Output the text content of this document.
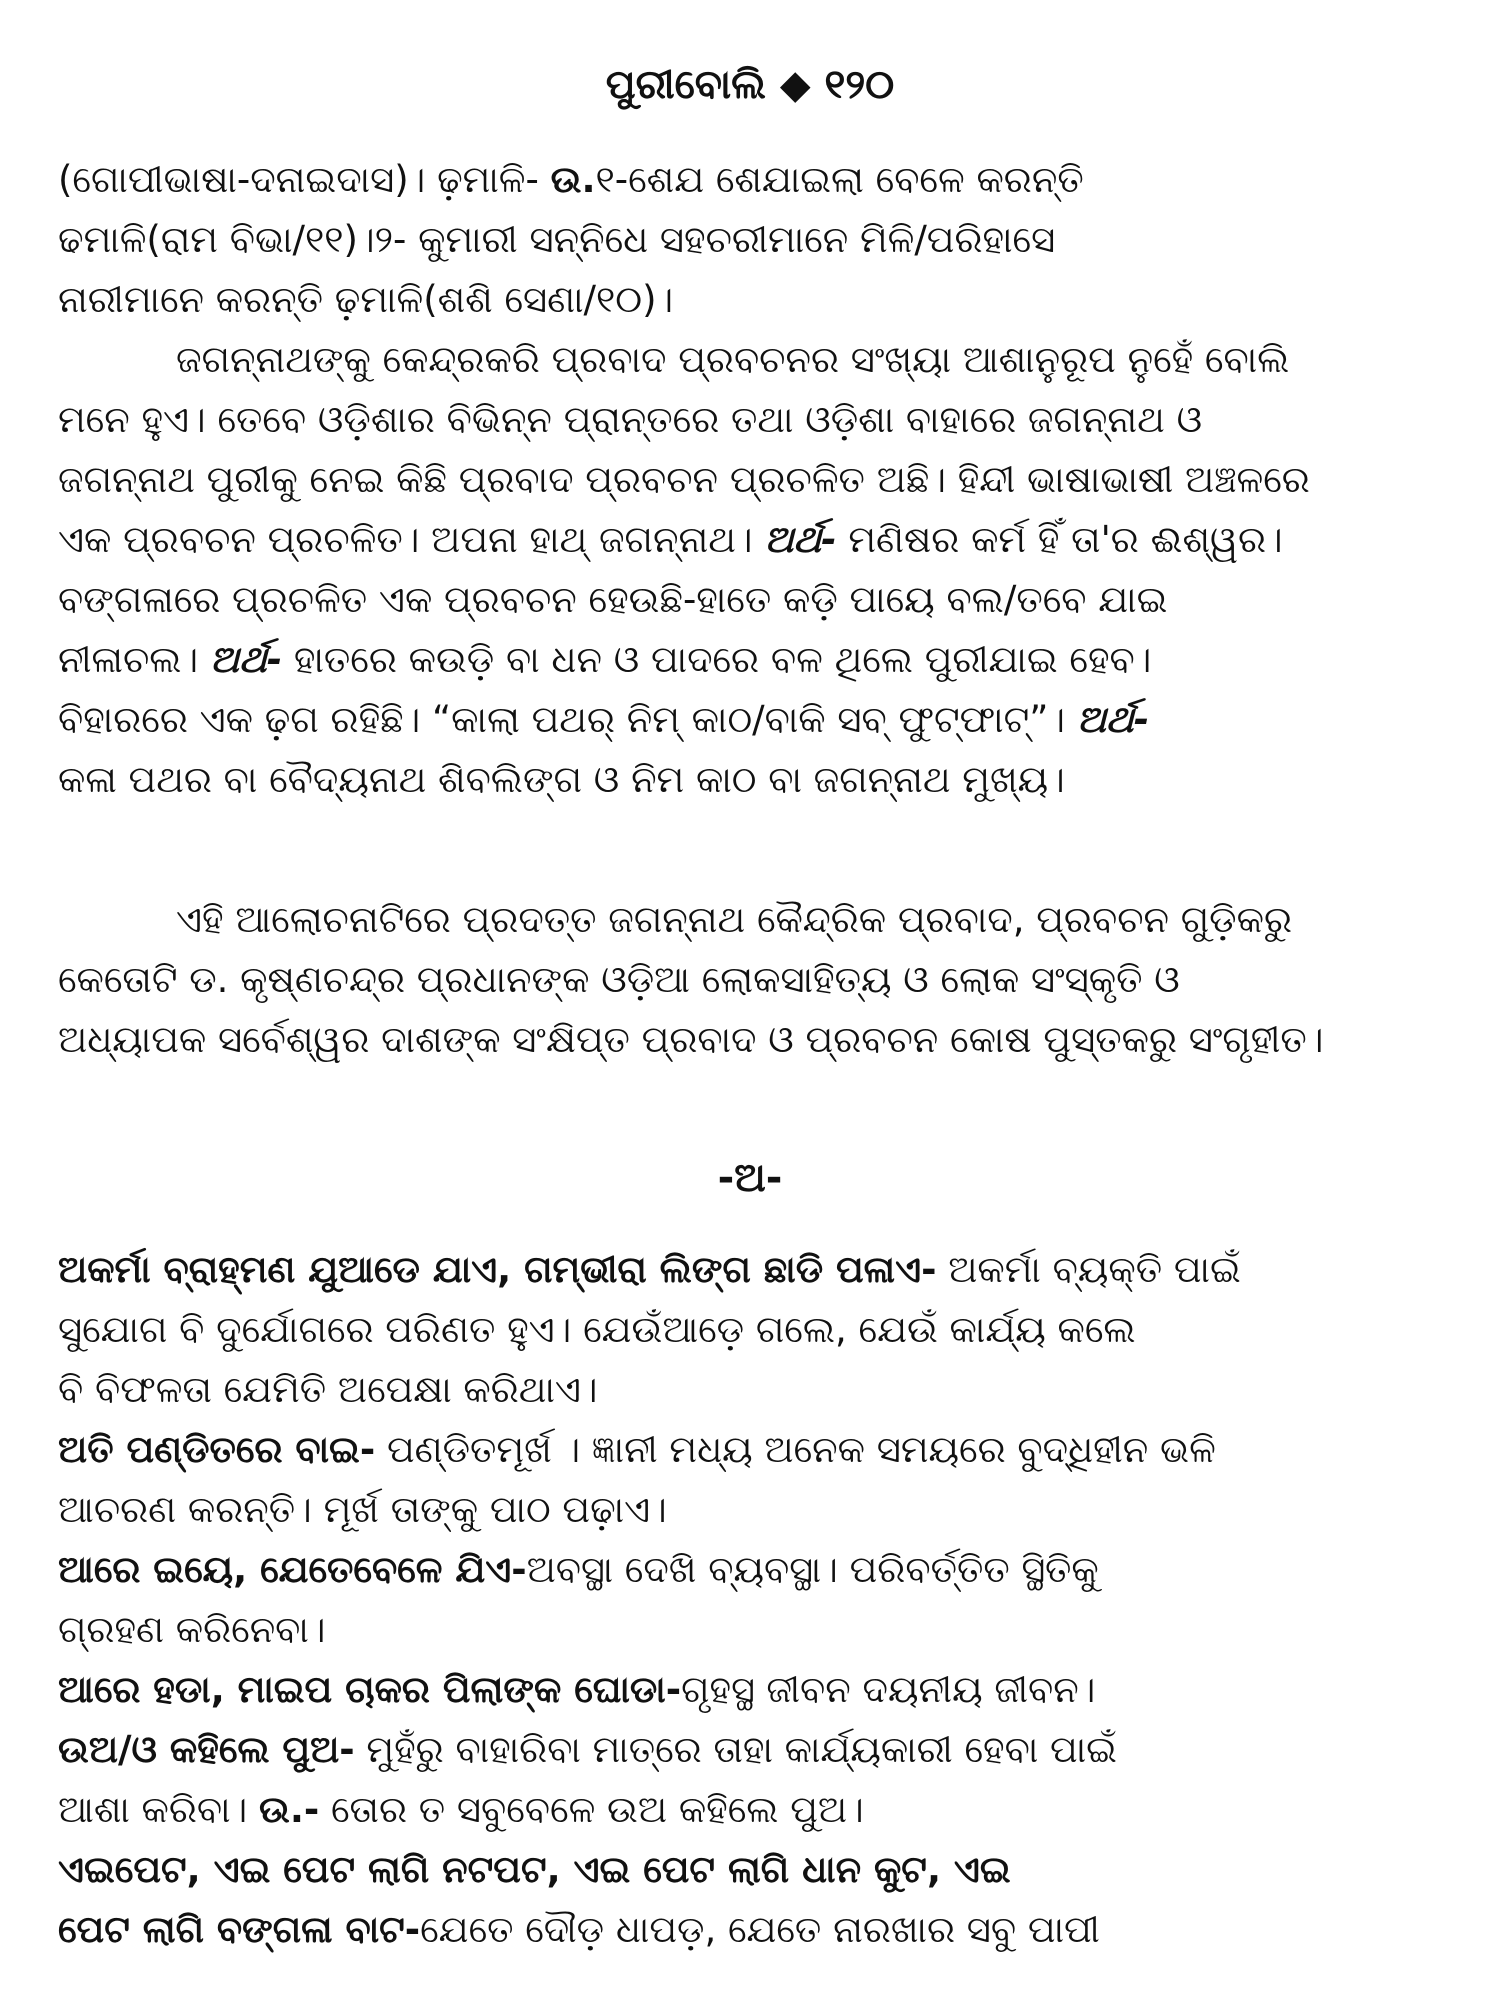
ପୁରୀବୋଲି ◆ ୧୨୦
(ଗୋପୀଭାଷା-ଦନାଇଦାସ)। ଢ଼ମାଳି- ଉ.୧-ଶେଯ ଶେଯାଇଲା ବେଳେ କରନ୍ତି
ଢମାଳି(ରାମ ବିଭା/୧୧)।୨- କୁମାରୀ ସନ୍ନିଧେ ସହଚରୀମାନେ ମିଳି/ପରିହାସେ
ନାରୀମାନେ କରନ୍ତି ଢ଼ମାଳି(ଶଶି ସେଣା/୧୦)।
ଜଗନ୍ନାଥଙ୍କୁ କେନ୍ଦ୍ରକରି ପ୍ରବାଦ ପ୍ରବଚନର ସଂଖ୍ୟା ଆଶାନୁରୂପ ନୁହେଁ ବୋଲି
ମନେ ହୁଏ। ତେବେ ଓଡ଼ିଶାର ବିଭିନ୍ନ ପ୍ରାନ୍ତରେ ତଥା ଓଡ଼ିଶା ବାହାରେ ଜଗନ୍ନାଥ ଓ
ଜଗନ୍ନାଥ ପୁରୀକୁ ନେଇ କିଛି ପ୍ରବାଦ ପ୍ରବଚନ ପ୍ରଚଳିତ ଅଛି। ହିନ୍ଦୀ ଭାଷାଭାଷୀ ଅଞ୍ଚଳରେ
ଏକ ପ୍ରବଚନ ପ୍ରଚଳିତ। ଅପନା ହାଥ୍ ଜଗନ୍ନାଥ। ଅର୍ଥ- ମଣିଷର କର୍ମ ହିଁ ତା'ର ଈଶ୍ୱର।
ବଙ୍ଗଳାରେ ପ୍ରଚଳିତ ଏକ ପ୍ରବଚନ ହେଉଛି-ହାତେ କଡ଼ି ପାୟେ ବଲ/ତବେ ଯାଇ
ନୀଳାଚଲ। ଅର୍ଥ- ହାତରେ କଉଡ଼ି ବା ଧନ ଓ ପାଦରେ ବଳ ଥିଲେ ପୁରୀଯାଇ ହେବ।
ବିହାରରେ ଏକ ଢ଼ଗ ରହିଛି। “କାଲା ପଥର୍ ନିମ୍ କାଠ/ବାକି ସବ୍ ଫୁଟ୍‌ଫାଟ୍”। ଅର୍ଥ-
କଳା ପଥର ବା ବୈଦ୍ୟନାଥ ଶିବଲିଙ୍ଗ ଓ ନିମ କାଠ ବା ଜଗନ୍ନାଥ ମୁଖ୍ୟ।
ଏହି ଆଲୋଚନାଟିରେ ପ୍ରଦତ୍ତ ଜଗନ୍ନାଥ କୈନ୍ଦ୍ରିକ ପ୍ରବାଦ, ପ୍ରବଚନ ଗୁଡ଼ିକରୁ
କେତୋଟି ଡ. କୃଷ୍ଣଚନ୍ଦ୍ର ପ୍ରଧାନଙ୍କ ଓଡ଼ିଆ ଲୋକସାହିତ୍ୟ ଓ ଲୋକ ସଂସ୍କୃତି ଓ
ଅଧ୍ୟାପକ ସର୍ବେଶ୍ୱର ଦାଶଙ୍କ ସଂକ୍ଷିପ୍ତ ପ୍ରବାଦ ଓ ପ୍ରବଚନ କୋଷ ପୁସ୍ତକରୁ ସଂଗୃହୀତ।
-ଅ-
ଅକର୍ମା ବ୍ରାହ୍ମଣ ଯୁଆଡେ ଯାଏ, ଗମ୍ଭୀରା ଲିଙ୍ଗ ଛାଡି ପଳାଏ- ଅକର୍ମା ବ୍ୟକ୍ତି ପାଇଁ
ସୁଯୋଗ ବି ଦୁର୍ଯୋଗରେ ପରିଣତ ହୁଏ। ଯେଉଁଆଡ଼େ ଗଲେ, ଯେଉଁ କାର୍ଯ୍ୟ କଲେ
ବି ବିଫଳତା ଯେମିତି ଅପେକ୍ଷା କରିଥାଏ।
ଅତି ପଣ୍ଡିତରେ ବାଇ- ପଣ୍ଡିତମୂର୍ଖ । ଜ୍ଞାନୀ ମଧ୍ୟ ଅନେକ ସମୟରେ ବୁଦ୍ଧିହୀନ ଭଳି
ଆଚରଣ କରନ୍ତି। ମୂର୍ଖ ତାଙ୍କୁ ପାଠ ପଢ଼ାଏ।
ଆରେ ଇୟେ, ଯେତେବେଳେ ଯିଏ-ଅବସ୍ଥା ଦେଖି ବ୍ୟବସ୍ଥା। ପରିବର୍ତ୍ତିତ ସ୍ଥିତିକୁ
ଗ୍ରହଣ କରିନେବା।
ଆରେ ହଡା, ମାଇପ ଚାକର ପିଲାଙ୍କ ଘୋଡା-ଗୃହସ୍ଥ ଜୀବନ ଦୟନୀୟ ଜୀବନ।
ଉଅ/ଓ କହିଲେ ପୁଅ- ମୁହଁରୁ ବାହାରିବା ମାତ୍ରେ ତାହା କାର୍ଯ୍ୟକାରୀ ହେବା ପାଇଁ
ଆଶା କରିବା। ଉ.- ତୋର ତ ସବୁବେଳେ ଉଅ କହିଲେ ପୁଅ।
ଏଇପେଟ, ଏଇ ପେଟ ଲାଗି ନଟପଟ, ଏଇ ପେଟ ଲାଗି ଧାନ କୁଟ, ଏଇ
ପେଟ ଲାଗି ବଙ୍ଗଳା ବାଟ-ଯେତେ ଦୌଡ଼ ଧାପଡ଼, ଯେତେ ନାରଖାର ସବୁ ପାପୀ
